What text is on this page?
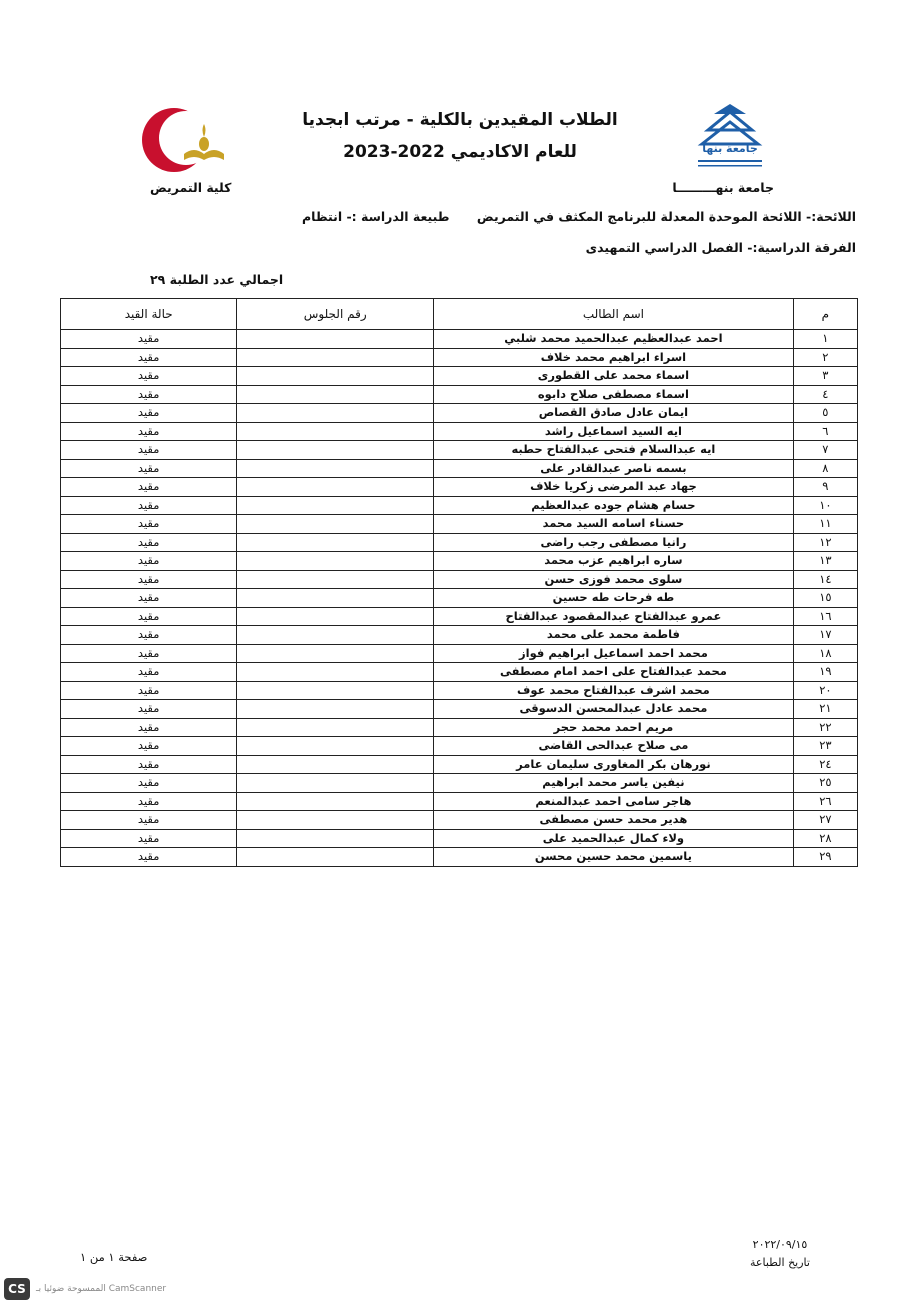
الطلاب المقيدين بالكلية - مرتب ابجديا
للعام الاكاديمي 2022-2023	جامعة بنها
جامعة بنهـــــــــا
كلية التمريض
اللائحة:- اللائحة الموحدة المعدلة للبرنامج المكثف في التمريض
طبيعة الدراسة :- انتظام
الفرقة الدراسية:- الفصل الدراسي التمهيدى
اجمالي عدد الطلبة ٢٩
م	اسم الطالب	رقم الجلوس	حالة القيد
١	احمد عبدالعظيم عبدالحميد محمد شلبي		مقيد
٢	اسراء ابراهيم محمد خلاف		مقيد
٣	اسماء محمد على القطورى		مقيد
٤	اسماء مصطفى صلاح دابوه		مقيد
٥	ايمان عادل صادق القصاص		مقيد
٦	ايه السيد اسماعيل راشد		مقيد
٧	ايه عبدالسلام فتحى عبدالفتاح حطبه		مقيد
٨	بسمه ناصر عبدالقادر على		مقيد
٩	جهاد عبد المرضى زكريا خلاف		مقيد
١٠	حسام هشام جوده عبدالعظيم		مقيد
١١	حسناء اسامه السيد محمد		مقيد
١٢	رانيا مصطفى رجب راضى		مقيد
١٣	ساره ابراهيم عزب محمد		مقيد
١٤	سلوى محمد فوزى حسن		مقيد
١٥	طه فرحات طه حسين		مقيد
١٦	عمرو عبدالفتاح عبدالمقصود عبدالفتاح		مقيد
١٧	فاطمة محمد على محمد		مقيد
١٨	محمد احمد اسماعيل ابراهيم فواز		مقيد
١٩	محمد عبدالفتاح على احمد امام مصطفى		مقيد
٢٠	محمد اشرف عبدالفتاح محمد عوف		مقيد
٢١	محمد عادل عبدالمحسن الدسوقى		مقيد
٢٢	مريم احمد محمد حجر		مقيد
٢٣	مى صلاح عبدالحى القاضى		مقيد
٢٤	نورهان بكر المغاورى سليمان عامر		مقيد
٢٥	نيفين ياسر محمد ابراهيم		مقيد
٢٦	هاجر سامى احمد عبدالمنعم		مقيد
٢٧	هدير محمد حسن مصطفى		مقيد
٢٨	ولاء كمال عبدالحميد على		مقيد
٢٩	ياسمين محمد حسين محسن		مقيد
٢٠٢٢/٠٩/١٥
تاريخ الطباعة
صفحة ١ من ١
CS	الممسوحة ضوئيا بـ CamScanner
